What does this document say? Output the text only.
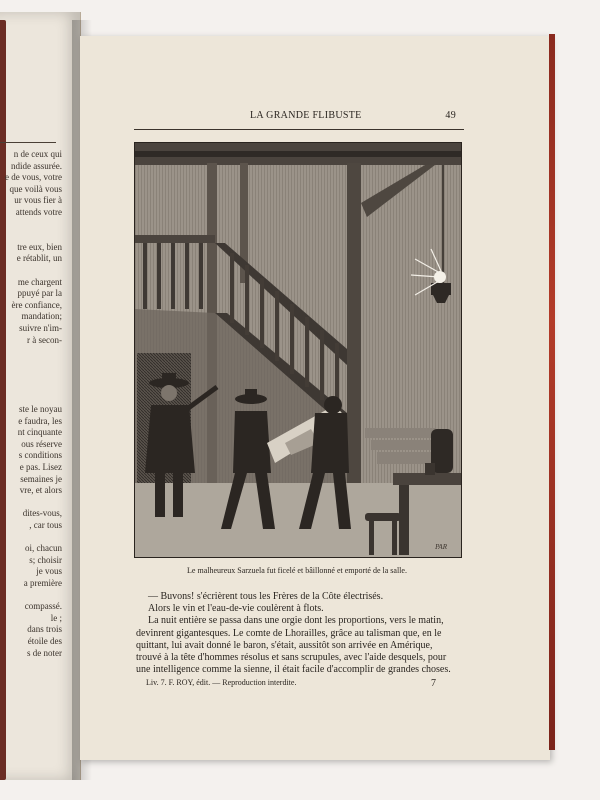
n de ceux qui
ndide assurée.
e de vous, votre
que voilà vous
ur vous fier à
attends votre
tre eux, bien
e rétablit, un
me chargent
ppuyé par la
ère confiance,
mandation;
suivre n'im-
r à secon-
ste le noyau
e faudra, les
nt cinquante
ous réserve
s conditions
e pas. Lisez
semaines je
vre, et alors
dites-vous,
, car tous
oi, chacun
s; choisir
je vous
a première
compassé.
le ;
dans trois
étoile des
s de noter
LA GRANDE FLIBUSTE	49
PAR
Le malheureux Sarzuela fut ficelé et bâillonné et emporté de la salle.
— Buvons! s'écrièrent tous les Frères de la Côte électrisés.
Alors le vin et l'eau-de-vie coulèrent à flots.
La nuit entière se passa dans une orgie dont les proportions, vers le matin,
devinrent gigantesques. Le comte de Lhorailles, grâce au talisman que, en le
quittant, lui avait donné le baron, s'était, aussitôt son arrivée en Amérique,
trouvé à la tête d'hommes résolus et sans scrupules, avec l'aide desquels, pour
une intelligence comme la sienne, il était facile d'accomplir de grandes choses.
Liv. 7. F. ROY, édit. — Reproduction interdite.	7
